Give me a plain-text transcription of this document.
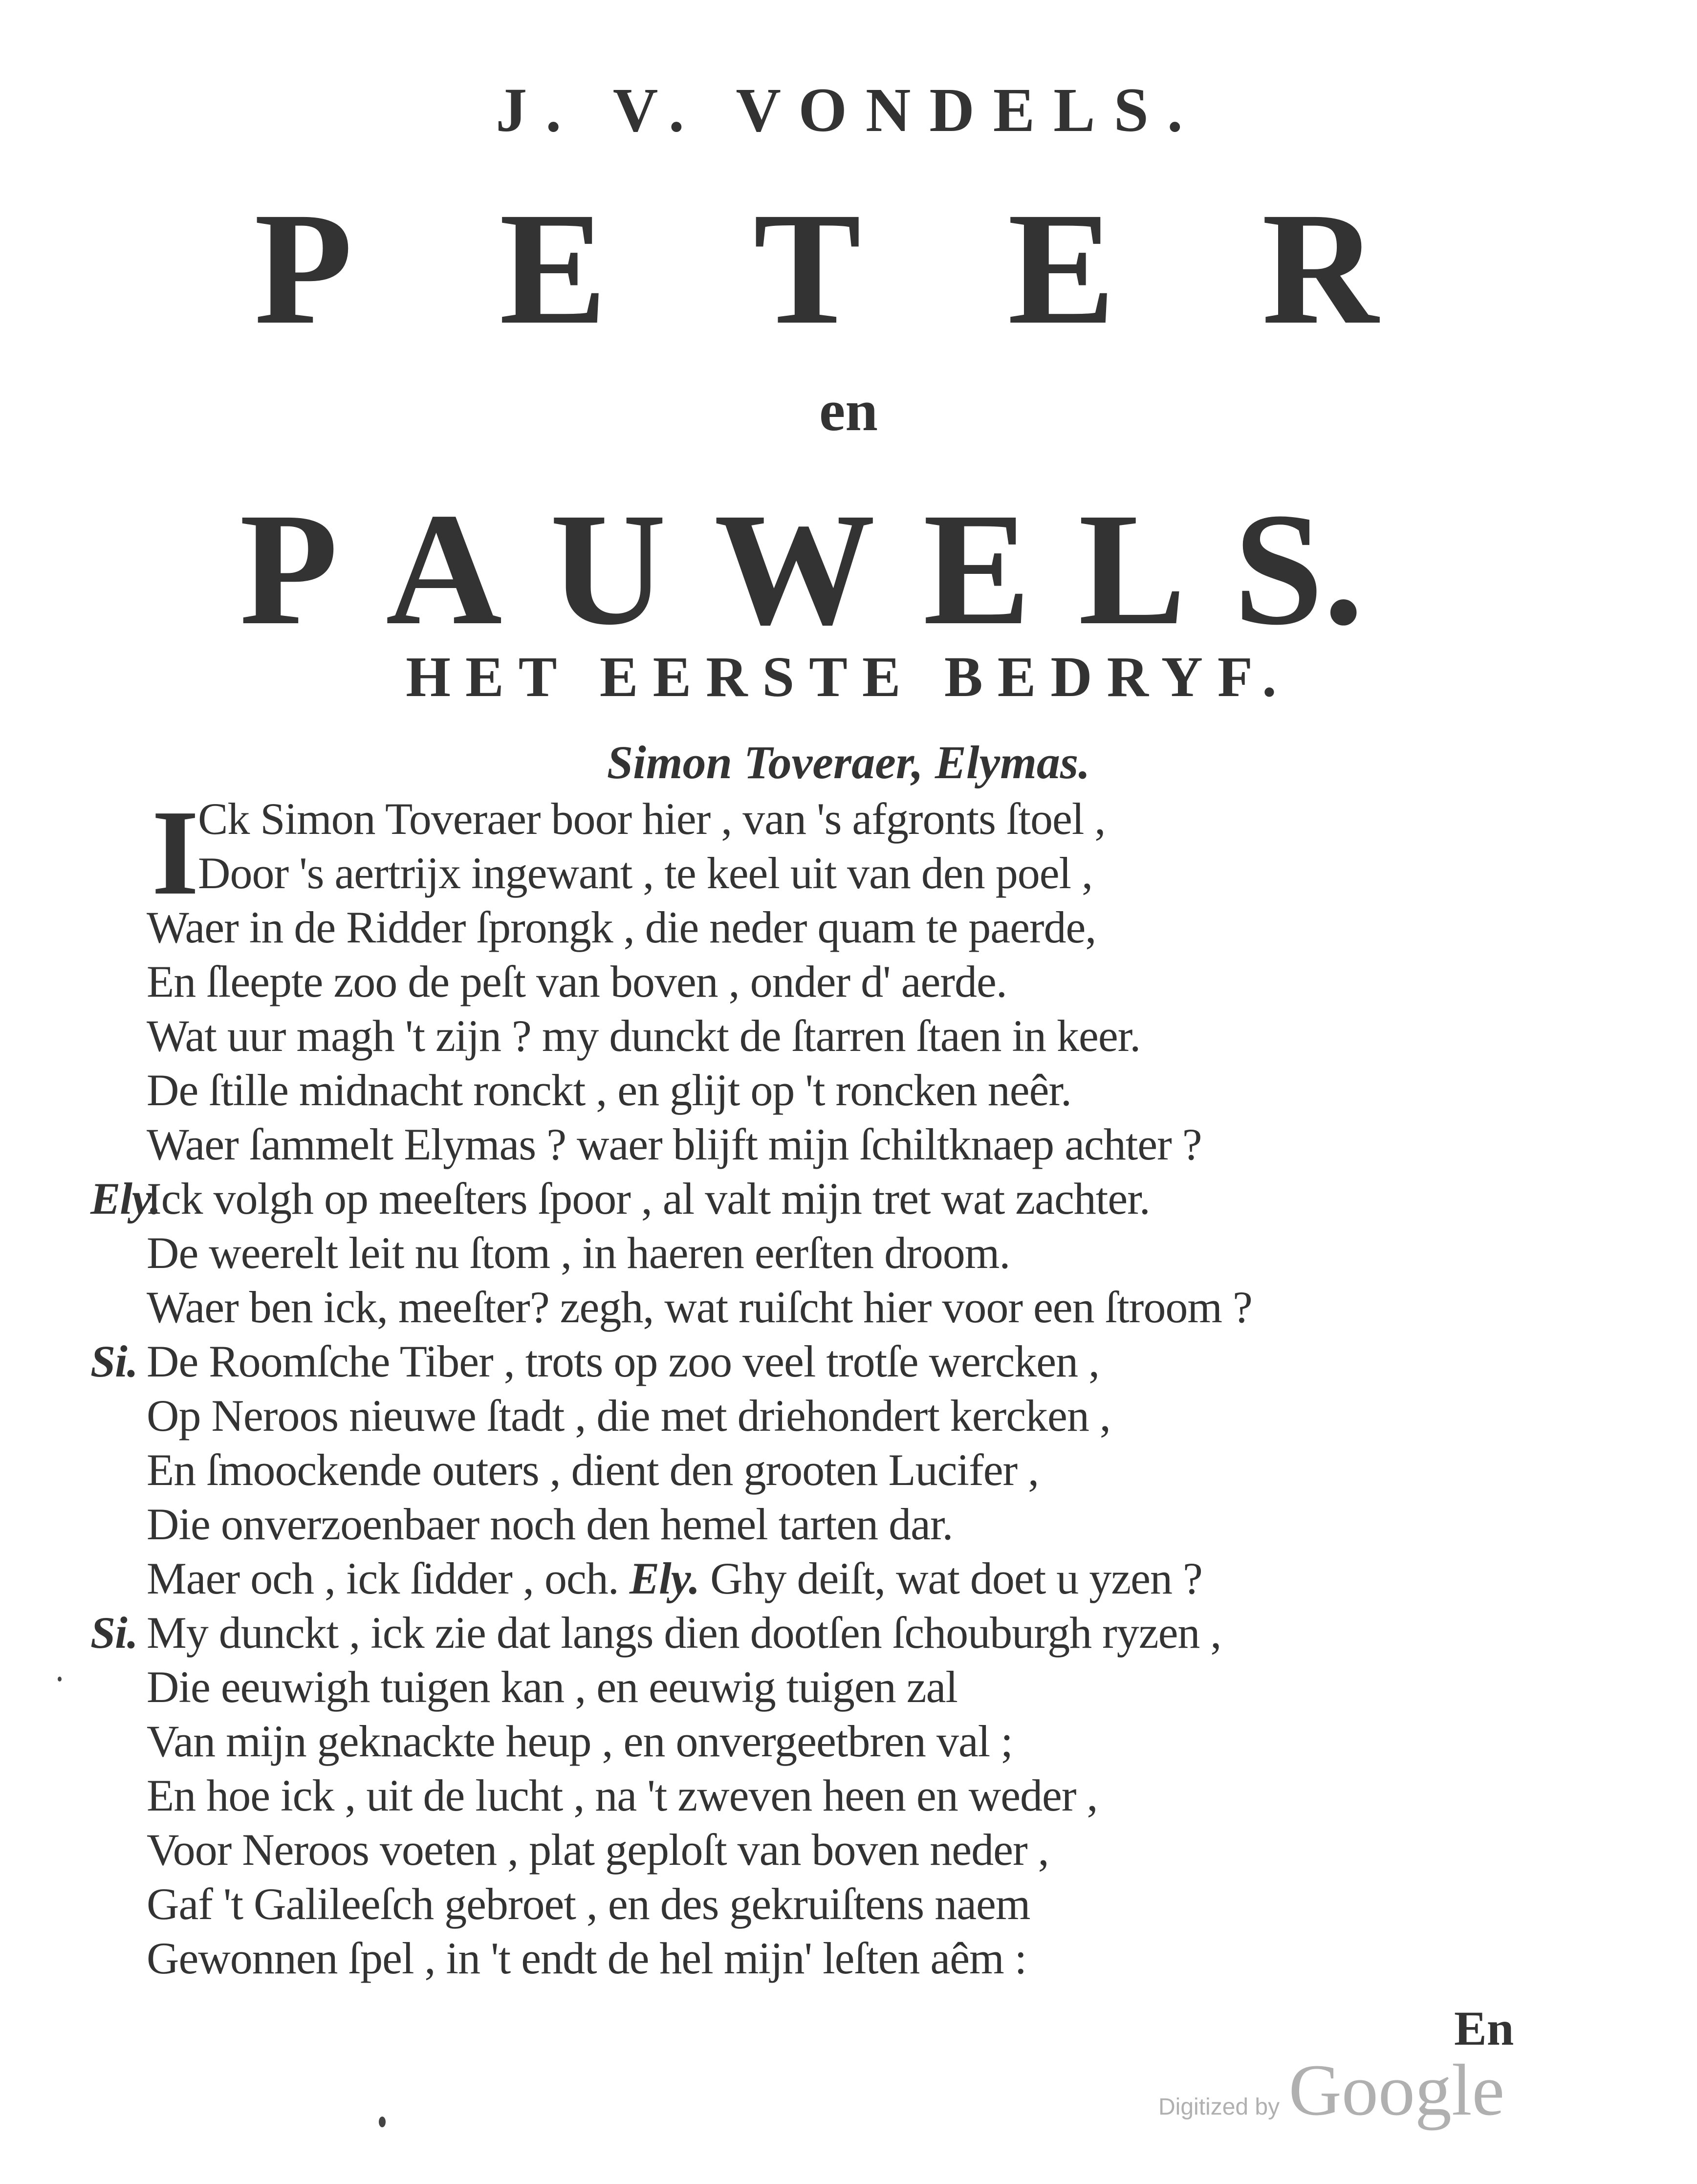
J. V. VONDELS.
P E T E R
en
P A U W E L S.
HET EERSTE BEDRYF.
Simon Toveraer, Elymas.
I
Ck Simon Toveraer boor hier , van 's afgronts ſtoel ,
Door 's aertrijx ingewant , te keel uit van den poel ,
Waer in de Ridder ſprongk , die neder quam te paerde,
En ſleepte zoo de peſt van boven , onder d' aerde.
Wat uur magh 't zijn ? my dunckt de ſtarren ſtaen in keer.
De ſtille midnacht ronckt , en glijt op 't roncken neêr.
Waer ſammelt Elymas ? waer blijft mijn ſchiltknaep achter ?
Ely.
Ick volgh op meeſters ſpoor , al valt mijn tret wat zachter.
De weerelt leit nu ſtom , in haeren eerſten droom.
Waer ben ick, meeſter? zegh, wat ruiſcht hier voor een ſtroom ?
Si. De Roomſche Tiber , trots op zoo veel trotſe wercken ,
Op Neroos nieuwe ſtadt , die met driehondert kercken ,
En ſmoockende outers , dient den grooten Lucifer ,
Die onverzoenbaer noch den hemel tarten dar.
Maer och , ick ſidder , och. Ely. Ghy deiſt, wat doet u yzen ?
Si. My dunckt , ick zie dat langs dien dootſen ſchouburgh ryzen ,
Die eeuwigh tuigen kan , en eeuwig tuigen zal
Van mijn geknackte heup , en onvergeetbren val ;
En hoe ick , uit de lucht , na 't zweven heen en weder ,
Voor Neroos voeten , plat geploſt van boven neder ,
Gaf 't Galileeſch gebroet , en des gekruiſtens naem
Gewonnen ſpel , in 't endt de hel mijn' leſten aêm :
En
Digitized by Google
